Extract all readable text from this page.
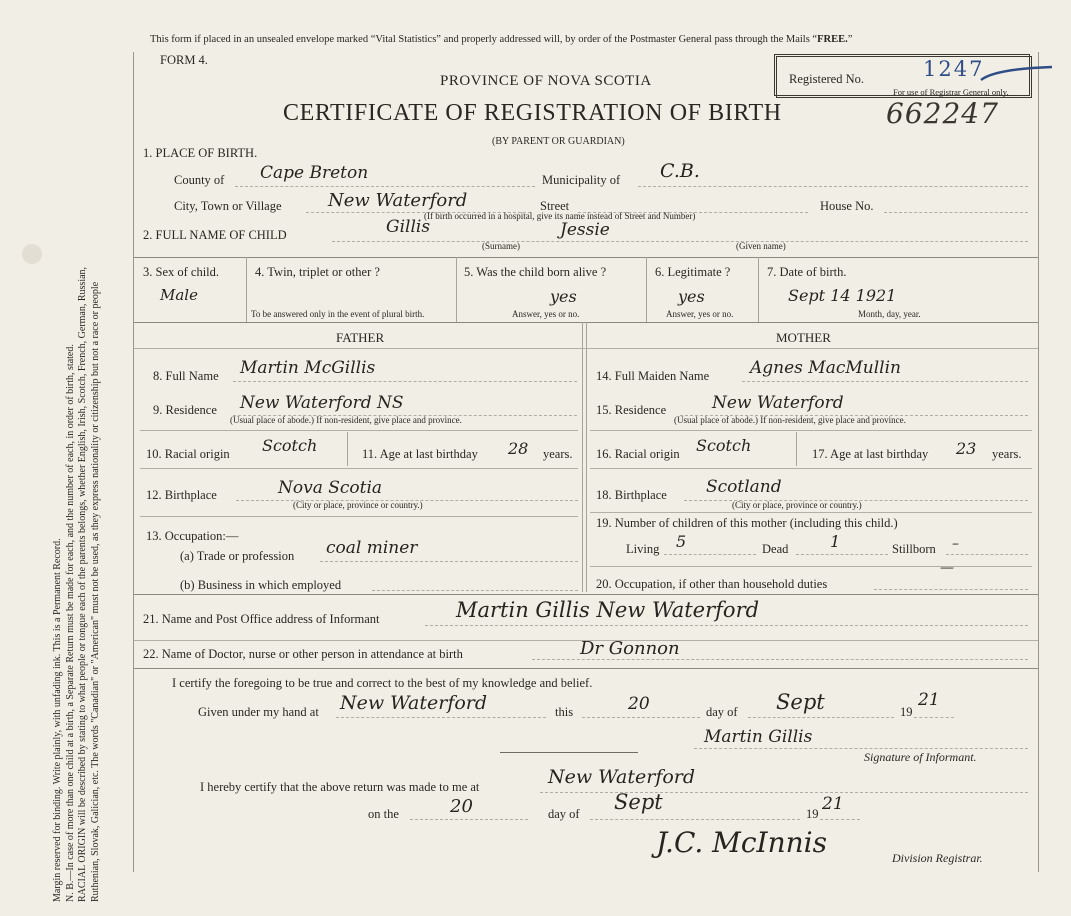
Margin reserved for binding. Write plainly, with unfading ink. This is a Permanent Record. N. B.—In case of more than one child at a birth, a Separate Return must be made for each, and the number of each, in order of birth, stated. RACIAL ORIGIN will be described by stating to what people or tongue each of the parents belongs, whether English, Irish, Scotch, French, German, Russian, Ruthenian, Slovak, Galician, etc. The words "Canadian" or "American" must not be used, as they express nationality or citizenship but not a race or people
This form if placed in an unsealed envelope marked “Vital Statistics” and properly addressed will, by order of the Postmaster General pass through the Mails “FREE.”
FORM 4.
PROVINCE OF NOVA SCOTIA
CERTIFICATE OF REGISTRATION OF BIRTH	662247
(BY PARENT OR GUARDIAN)
Registered No.	1247
For use of Registrar General only.
1. PLACE OF BIRTH.
County of Cape Breton	Municipality of C.B.
City, Town or Village	New Waterford	Street	House No.
(If birth occurred in a hospital, give its name instead of Street and Number)
2. FULL NAME OF CHILD	Gillis	Jessie
(Surname)	(Given name)
3. Sex of child.
Male
4. Twin, triplet or other ?
To be answered only in the event of plural birth.
5. Was the child born alive ?
yes
Answer, yes or no.
6. Legitimate ?
yes
Answer, yes or no.
7. Date of birth.
Sept 14 1921
Month, day, year.
FATHER	MOTHER
8. Full Name Martin McGillis
9. Residence New Waterford NS
(Usual place of abode.) If non-resident, give place and province.
10. Racial origin Scotch	11. Age at last birthday 28 years.
12. Birthplace	Nova Scotia
(City or place, province or country.)
13. Occupation:—
(a) Trade or profession coal miner
(b) Business in which employed
14. Full Maiden Name Agnes MacMullin
15. Residence	New Waterford
(Usual place of abode.) If non-resident, give place and province.
16. Racial origin Scotch	17. Age at last birthday 23 years.
18. Birthplace Scotland
(City or place, province or country.)
19. Number of children of this mother (including this child.)
Living 5	Dead	1	Stillborn –
20. Occupation, if other than household duties
—
21. Name and Post Office address of Informant	Martin Gillis New Waterford
22. Name of Doctor, nurse or other person in attendance at birth	Dr Gonnon
I certify the foregoing to be true and correct to the best of my knowledge and belief.
Given under my hand at New Waterford	this	20	day of Sept	19
21
Martin Gillis
Signature of Informant.
I hereby certify that the above return was made to me at	New Waterford
on the	20	day of Sept	19 21
J.C. McInnis	Division Registrar.
